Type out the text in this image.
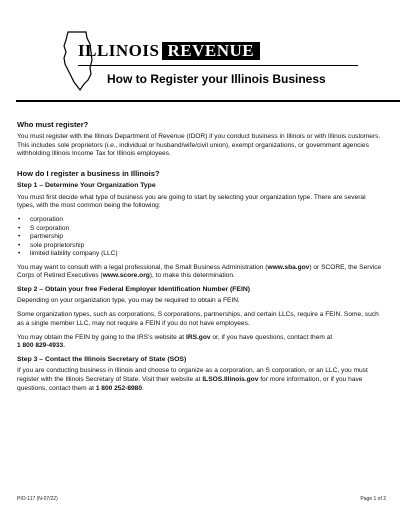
ILLINOIS REVENUE
How to Register your Illinois Business
Who must register?

You must register with the Illinois Department of Revenue (IDOR) if you conduct business in Illinois or with Illinois customers. This includes sole proprietors (i.e., individual or husband/wife/civil union), exempt organizations, or government agencies withholding Illinois Income Tax for Illinois employees.

How do I register a business in Illinois?
Step 1 – Determine Your Organization Type

You must first decide what type of business you are going to start by selecting your organization type. There are several types, with the most common being the following:

• corporation
• S corporation
• partnership
• sole proprietorship
• limited liability company (LLC)

You may want to consult with a legal professional, the Small Business Administration (www.sba.gov) or SCORE, the Service Corps of Retired Executives (www.score.org), to make this determination.

Step 2 – Obtain your free Federal Employer Identification Number (FEIN)

Depending on your organization type, you may be required to obtain a FEIN.

Some organization types, such as corporations, S corporations, partnerships, and certain LLCs, require a FEIN. Some, such as a single member LLC, may not require a FEIN if you do not have employees.

You may obtain the FEIN by going to the IRS’s website at IRS.gov or, if you have questions, contact them at
1 800 829-4933.

Step 3 – Contact the Illinois Secretary of State (SOS)

If you are conducting business in Illinois and choose to organize as a corporation, an S corporation, or an LLC, you must register with the Illinois Secretary of State. Visit their website at ILSOS.Illinois.gov for more information, or if you have questions, contact them at 1 800 252-8980.

PIO-117 (N-07/22)	Page 1 of 2
